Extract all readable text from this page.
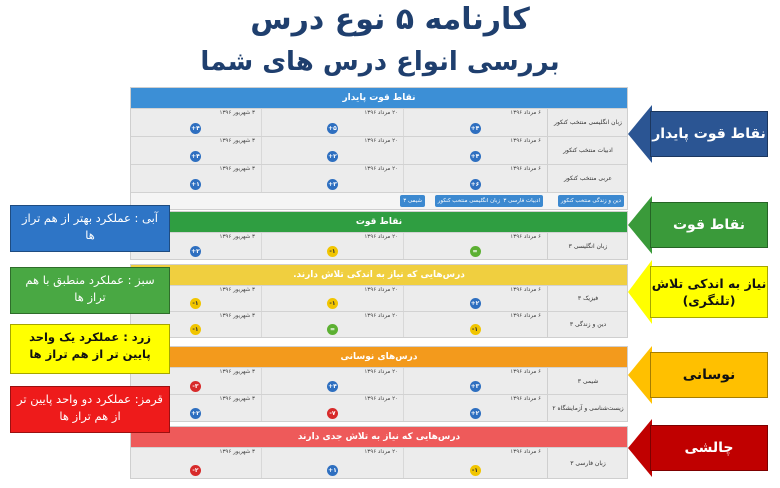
کارنامه ۵ نوع درس
بررسی انواع درس های شما
نقاط قوت پایدار
زبان انگلیسی منتخب کنکور
۶ مرداد ۱۳۹۶
+۴
۲۰ مرداد ۱۳۹۶
+۵
۳ شهریور ۱۳۹۶
+۴
ادبیات منتخب کنکور
۶ مرداد ۱۳۹۶
+۴
۲۰ مرداد ۱۳۹۶
+۲
۳ شهریور ۱۳۹۶
+۴
عربی منتخب کنکور
۶ مرداد ۱۳۹۶
+۶
۲۰ مرداد ۱۳۹۶
+۳
۳ شهریور ۱۳۹۶
+۱
دین و زندگی منتخب کنکور
ادبیات فارسی ۳
زبان انگلیسی منتخب کنکور
شیمی ۳
نقاط قوت
زبان انگلیسی ۳
۶ مرداد ۱۳۹۶
=
۲۰ مرداد ۱۳۹۶
-۱
۳ شهریور ۱۳۹۶
+۲
درس‌هایی که نیاز به اندکی تلاش دارند.
فیزیک ۳
۶ مرداد ۱۳۹۶
+۲
۲۰ مرداد ۱۳۹۶
-۱
۳ شهریور ۱۳۹۶
-۱
دین و زندگی ۳
۶ مرداد ۱۳۹۶
-۱
۲۰ مرداد ۱۳۹۶
=
۳ شهریور ۱۳۹۶
-۱
درس‌های نوسانی
شیمی ۳
۶ مرداد ۱۳۹۶
+۳
۲۰ مرداد ۱۳۹۶
+۴
۳ شهریور ۱۳۹۶
-۳
زیست‌شناسی و آزمایشگاه ۲
۶ مرداد ۱۳۹۶
+۲
۲۰ مرداد ۱۳۹۶
-۷
۳ شهریور ۱۳۹۶
+۲
درس‌هایی که نیاز به تلاش جدی دارند
زبان فارسی ۳
۶ مرداد ۱۳۹۶
-۱
۲۰ مرداد ۱۳۹۶
+۱
۳ شهریور ۱۳۹۶
-۲
نقاط قوت پایدار
نقاط قوت
نیاز به اندکی تلاش (تلنگری)
نوسانی
چالشی
آبی : عملکرد بهتر از هم تراز ها
سبز : عملکرد منطبق با هم تراز ها
زرد : عملکرد یک واحد پایین تر از هم تراز ها
قرمز: عملکرد دو واحد پایین تر از هم تراز ها
